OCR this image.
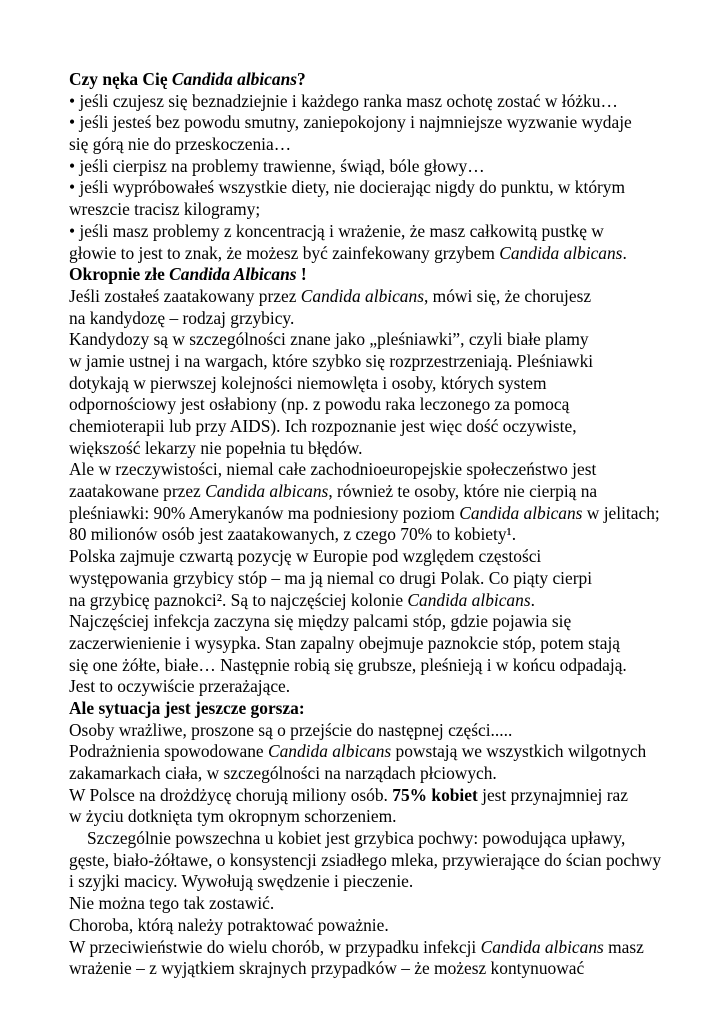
Czy nęka Cię Candida albicans?
• jeśli czujesz się beznadziejnie i każdego ranka masz ochotę zostać w łóżku…
• jeśli jesteś bez powodu smutny, zaniepokojony i najmniejsze wyzwanie wydaje
się górą nie do przeskoczenia…
• jeśli cierpisz na problemy trawienne, świąd, bóle głowy…
• jeśli wypróbowałeś wszystkie diety, nie docierając nigdy do punktu, w którym
wreszcie tracisz kilogramy;
• jeśli masz problemy z koncentracją i wrażenie, że masz całkowitą pustkę w
głowie to jest to znak, że możesz być zainfekowany grzybem Candida albicans.
Okropnie złe Candida Albicans !
Jeśli zostałeś zaatakowany przez Candida albicans, mówi się, że chorujesz
na kandydozę – rodzaj grzybicy.
Kandydozy są w szczególności znane jako „pleśniawki”, czyli białe plamy
w jamie ustnej i na wargach, które szybko się rozprzestrzeniają. Pleśniawki
dotykają w pierwszej kolejności niemowlęta i osoby, których system
odpornościowy jest osłabiony (np. z powodu raka leczonego za pomocą
chemioterapii lub przy AIDS). Ich rozpoznanie jest więc dość oczywiste,
większość lekarzy nie popełnia tu błędów.
Ale w rzeczywistości, niemal całe zachodnioeuropejskie społeczeństwo jest
zaatakowane przez Candida albicans, również te osoby, które nie cierpią na
pleśniawki: 90% Amerykanów ma podniesiony poziom Candida albicans w jelitach;
80 milionów osób jest zaatakowanych, z czego 70% to kobiety¹.
Polska zajmuje czwartą pozycję w Europie pod względem częstości
występowania grzybicy stóp – ma ją niemal co drugi Polak. Co piąty cierpi
na grzybicę paznokci². Są to najczęściej kolonie Candida albicans.
Najczęściej infekcja zaczyna się między palcami stóp, gdzie pojawia się
zaczerwienienie i wysypka. Stan zapalny obejmuje paznokcie stóp, potem stają
się one żółte, białe… Następnie robią się grubsze, pleśnieją i w końcu odpadają.
Jest to oczywiście przerażające.
Ale sytuacja jest jeszcze gorsza:
Osoby wrażliwe, proszone są o przejście do następnej części.....
Podrażnienia spowodowane Candida albicans powstają we wszystkich wilgotnych
zakamarkach ciała, w szczególności na narządach płciowych.
W Polsce na drożdżycę chorują miliony osób. 75% kobiet jest przynajmniej raz
w życiu dotknięta tym okropnym schorzeniem.
Szczególnie powszechna u kobiet jest grzybica pochwy: powodująca upławy,
gęste, biało-żółtawe, o konsystencji zsiadłego mleka, przywierające do ścian pochwy
i szyjki macicy. Wywołują swędzenie i pieczenie.
Nie można tego tak zostawić.
Choroba, którą należy potraktować poważnie.
W przeciwieństwie do wielu chorób, w przypadku infekcji Candida albicans masz
wrażenie – z wyjątkiem skrajnych przypadków – że możesz kontynuować
